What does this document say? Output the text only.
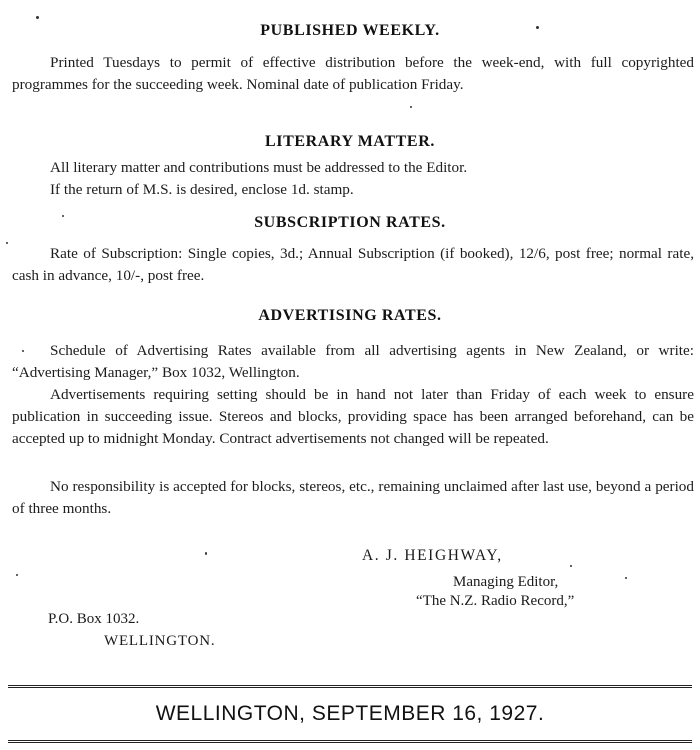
PUBLISHED WEEKLY.
Printed Tuesdays to permit of effective distribution before the week-end, with full copyrighted programmes for the succeeding week. Nominal date of publication Friday.
LITERARY MATTER.
All literary matter and contributions must be addressed to the Editor.
If the return of M.S. is desired, enclose 1d. stamp.
SUBSCRIPTION RATES.
Rate of Subscription: Single copies, 3d.; Annual Subscription (if booked), 12/6, post free; normal rate, cash in advance, 10/-, post free.
ADVERTISING RATES.
Schedule of Advertising Rates available from all advertising agents in New Zealand, or write: “Advertising Manager,” Box 1032, Wellington.
Advertisements requiring setting should be in hand not later than Friday of each week to ensure publication in succeeding issue. Stereos and blocks, providing space has been arranged beforehand, can be accepted up to midnight Monday. Contract advertisements not changed will be repeated.
No responsibility is accepted for blocks, stereos, etc., remaining unclaimed after last use, beyond a period of three months.
A. J. HEIGHWAY,
Managing Editor,
“The N.Z. Radio Record,”
P.O. Box 1032.
WELLINGTON.
WELLINGTON, SEPTEMBER 16, 1927.
